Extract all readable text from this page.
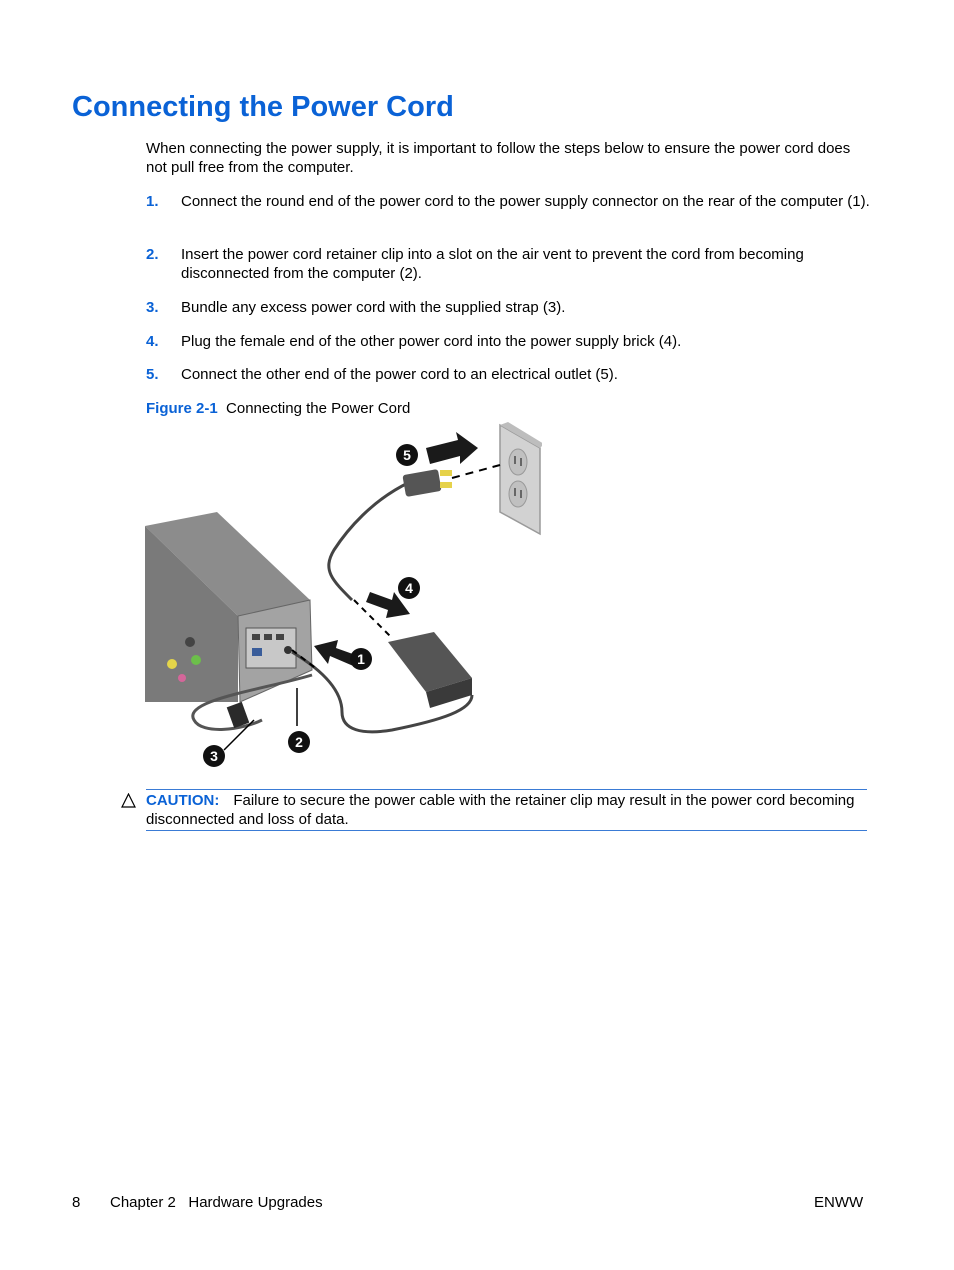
Connecting the Power Cord

When connecting the power supply, it is important to follow the steps below to ensure the power cord does not pull free from the computer.

1. Connect the round end of the power cord to the power supply connector on the rear of the computer (1).
2. Insert the power cord retainer clip into a slot on the air vent to prevent the cord from becoming disconnected from the computer (2).
3. Bundle any excess power cord with the supplied strap (3).
4. Plug the female end of the other power cord into the power supply brick (4).
5. Connect the other end of the power cord to an electrical outlet (5).
Figure 2-1 Connecting the Power Cord
5
4
1
2
3
CAUTION: Failure to secure the power cable with the retainer clip may result in the power cord becoming disconnected and loss of data.
8 Chapter 2   Hardware Upgrades	ENWW
